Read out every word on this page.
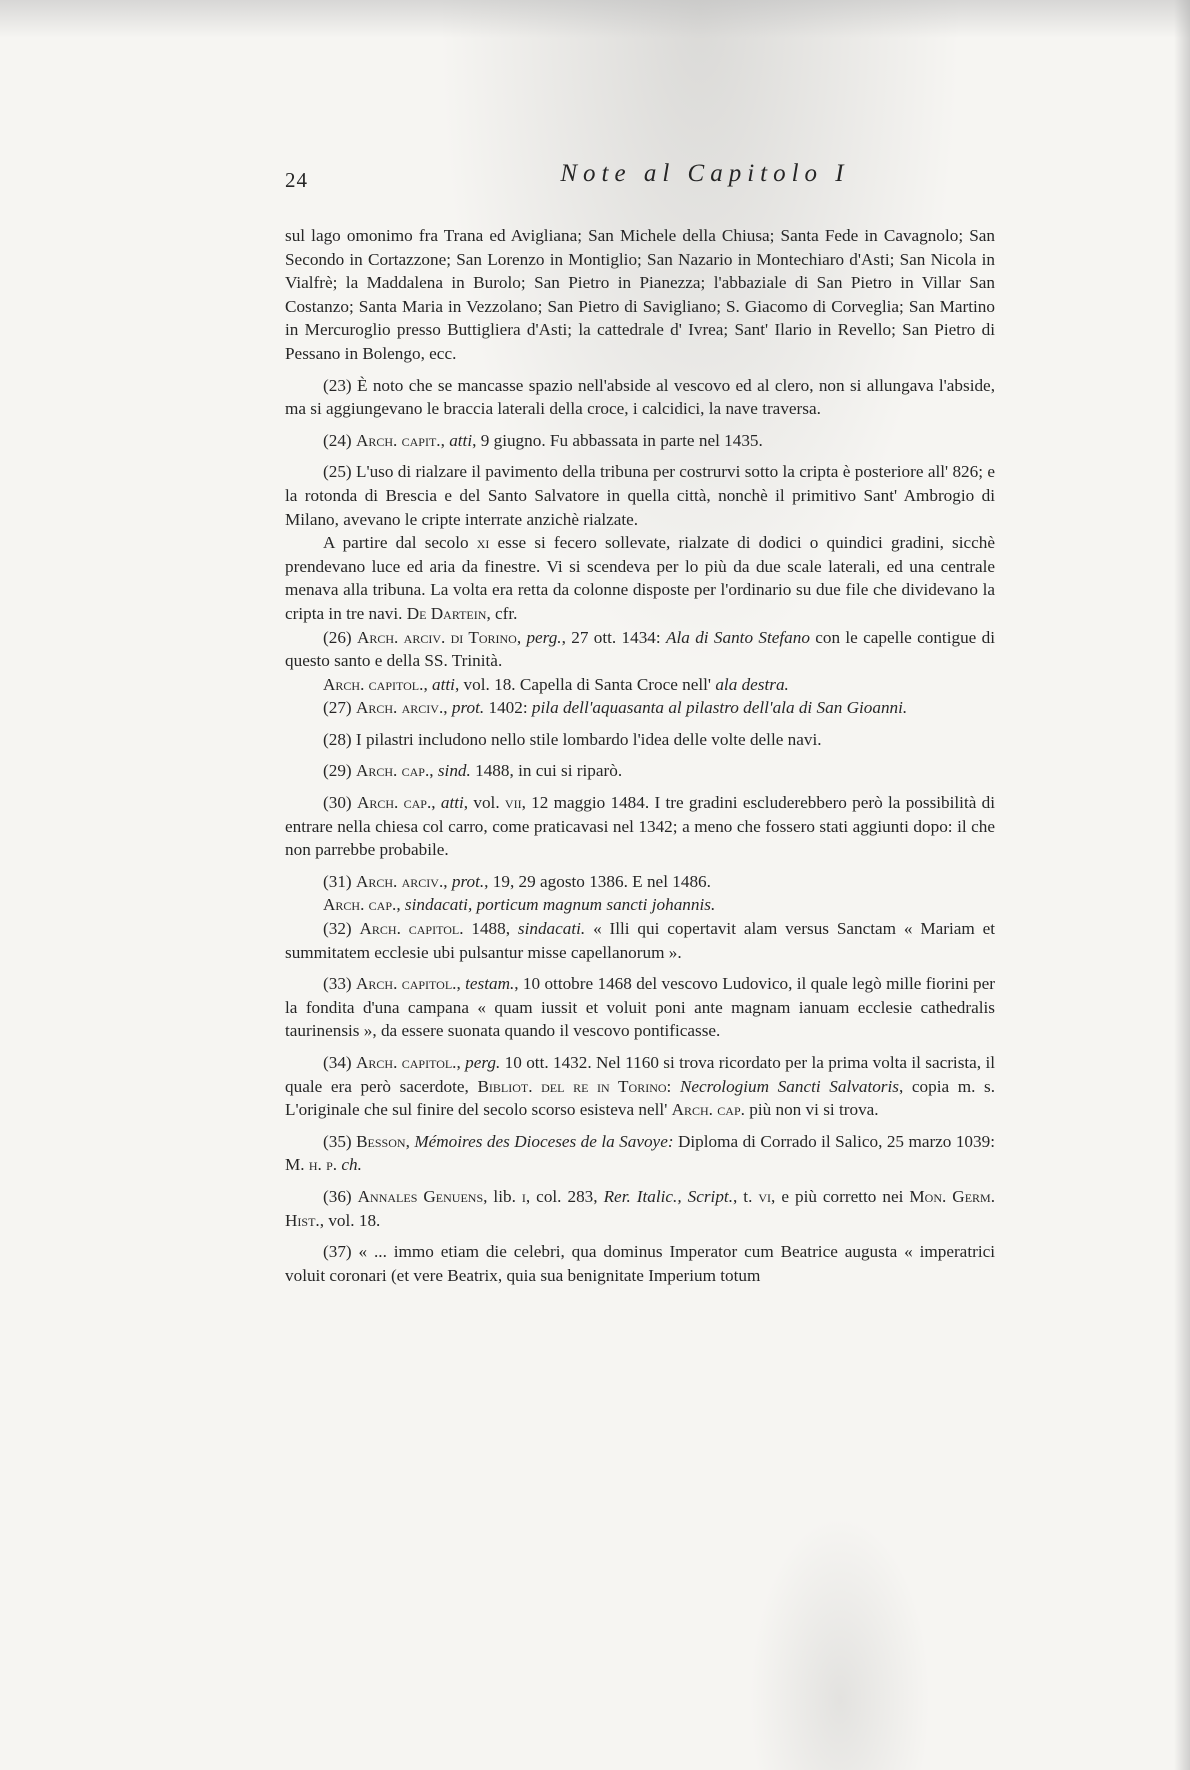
24	Note al Capitolo I

sul lago omonimo fra Trana ed Avigliana; San Michele della Chiusa; Santa Fede in Cavagnolo; San Secondo in Cortazzone; San Lorenzo in Montiglio; San Nazario in Montechiaro d'Asti; San Nicola in Vialfrè; la Maddalena in Burolo; San Pietro in Pianezza; l'abbaziale di San Pietro in Villar San Costanzo; Santa Maria in Vezzolano; San Pietro di Savigliano; S. Giacomo di Corveglia; San Martino in Mercuroglio presso Buttigliera d'Asti; la cattedrale d' Ivrea; Sant' Ilario in Revello; San Pietro di Pessano in Bolengo, ecc.

(23) È noto che se mancasse spazio nell'abside al vescovo ed al clero, non si allungava l'abside, ma si aggiungevano le braccia laterali della croce, i calcidici, la nave traversa.

(24) Arch. capit., atti, 9 giugno. Fu abbassata in parte nel 1435.

(25) L'uso di rialzare il pavimento della tribuna per costrurvi sotto la cripta è posteriore all' 826; e la rotonda di Brescia e del Santo Salvatore in quella città, nonchè il primitivo Sant' Ambrogio di Milano, avevano le cripte interrate anzichè rialzate.

A partire dal secolo xi esse si fecero sollevate, rialzate di dodici o quindici gradini, sicchè prendevano luce ed aria da finestre. Vi si scendeva per lo più da due scale laterali, ed una centrale menava alla tribuna. La volta era retta da colonne disposte per l'ordinario su due file che dividevano la cripta in tre navi. De Dartein, cfr.

(26) Arch. arciv. di Torino, perg., 27 ott. 1434: Ala di Santo Stefano con le capelle contigue di questo santo e della SS. Trinità.

Arch. capitol., atti, vol. 18. Capella di Santa Croce nell' ala destra.

(27) Arch. arciv., prot. 1402: pila dell'aquasanta al pilastro dell'ala di San Gioanni.

(28) I pilastri includono nello stile lombardo l'idea delle volte delle navi.

(29) Arch. cap., sind. 1488, in cui si riparò.

(30) Arch. cap., atti, vol. vii, 12 maggio 1484. I tre gradini escluderebbero però la possibilità di entrare nella chiesa col carro, come praticavasi nel 1342; a meno che fossero stati aggiunti dopo: il che non parrebbe probabile.

(31) Arch. arciv., prot., 19, 29 agosto 1386. E nel 1486.

Arch. cap., sindacati, porticum magnum sancti johannis.

(32) Arch. capitol. 1488, sindacati. « Illi qui copertavit alam versus Sanctam « Mariam et summitatem ecclesie ubi pulsantur misse capellanorum ».

(33) Arch. capitol., testam., 10 ottobre 1468 del vescovo Ludovico, il quale legò mille fiorini per la fondita d'una campana « quam iussit et voluit poni ante magnam ianuam ecclesie cathedralis taurinensis », da essere suonata quando il vescovo pontificasse.

(34) Arch. capitol., perg. 10 ott. 1432. Nel 1160 si trova ricordato per la prima volta il sacrista, il quale era però sacerdote, Bibliot. del re in Torino: Necrologium Sancti Salvatoris, copia m. s. L'originale che sul finire del secolo scorso esisteva nell' Arch. cap. più non vi si trova.

(35) Besson, Mémoires des Dioceses de la Savoye: Diploma di Corrado il Salico, 25 marzo 1039: M. h. p. ch.

(36) Annales Genuens, lib. i, col. 283, Rer. Italic., Script., t. vi, e più corretto nei Mon. Germ. Hist., vol. 18.

(37) « ... immo etiam die celebri, qua dominus Imperator cum Beatrice augusta « imperatrici voluit coronari (et vere Beatrix, quia sua benignitate Imperium totum
